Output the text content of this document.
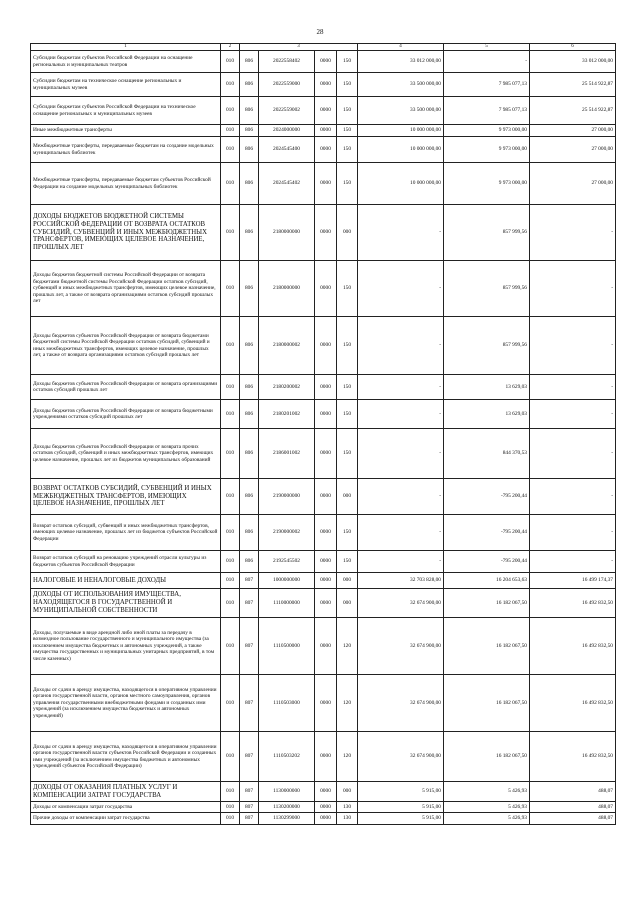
28
1	2	3				4	5	6
Субсидии бюджетам субъектов Российской Федерации на оснащение региональных и муниципальных театров	010	806	2022558402	0000	150	33 012 000,00	-	33 012 000,00
Субсидии бюджетам на техническое оснащение региональных и муниципальных музеев	010	806	2022559000	0000	150	33 500 000,00	7 985 077,13	25 514 922,87
Субсидии бюджетам субъектов Российской Федерации на техническое оснащение региональных и муниципальных музеев	010	806	2022559002	0000	150	33 500 000,00	7 985 077,13	25 514 922,87
Иные межбюджетные трансферты	010	806	2024000000	0000	150	10 000 000,00	9 973 000,00	27 000,00
Межбюджетные трансферты, передаваемые бюджетам на создание модельных муниципальных библиотек	010	806	2024545400	0000	150	10 000 000,00	9 973 000,00	27 000,00
Межбюджетные трансферты, передаваемые бюджетам субъектов Российской Федерации на создание модельных муниципальных библиотек	010	806	2024545402	0000	150	10 000 000,00	9 973 000,00	27 000,00
ДОХОДЫ БЮДЖЕТОВ БЮДЖЕТНОЙ СИСТЕМЫ РОССИЙСКОЙ ФЕДЕРАЦИИ ОТ ВОЗВРАТА ОСТАТКОВ СУБСИДИЙ, СУБВЕНЦИЙ И ИНЫХ МЕЖБЮДЖЕТНЫХ ТРАНСФЕРТОВ, ИМЕЮЩИХ ЦЕЛЕВОЕ НАЗНАЧЕНИЕ, ПРОШЛЫХ ЛЕТ	010	806	2180000000	0000	000	-	857 999,56	-
Доходы бюджетов бюджетной системы Российской Федерации от возврата бюджетами бюджетной системы Российской Федерации остатков субсидий, субвенций и иных межбюджетных трансфертов, имеющих целевое назначение, прошлых лет, а также от возврата организациями остатков субсидий прошлых лет	010	806	2180000000	0000	150	-	857 999,56	-
Доходы бюджетов субъектов Российской Федерации от возврата бюджетами бюджетной системы Российской Федерации остатков субсидий, субвенций и иных межбюджетных трансфертов, имеющих целевое назначение, прошлых лет, а также от возврата организациями остатков субсидий прошлых лет	010	806	2180000002	0000	150	-	857 999,56	-
Доходы бюджетов субъектов Российской Федерации от возврата организациями остатков субсидий прошлых лет	010	806	2180200002	0000	150	-	13 629,03	-
Доходы бюджетов субъектов Российской Федерации от возврата бюджетными учреждениями остатков субсидий прошлых лет	010	806	2180201002	0000	150	-	13 629,03	-
Доходы бюджетов субъектов Российской Федерации от возврата прочих остатков субсидий, субвенций и иных межбюджетных трансфертов, имеющих целевое назначение, прошлых лет из бюджетов муниципальных образований	010	806	2186001002	0000	150	-	844 370,53	-
ВОЗВРАТ ОСТАТКОВ СУБСИДИЙ, СУБВЕНЦИЙ И ИНЫХ МЕЖБЮДЖЕТНЫХ ТРАНСФЕРТОВ, ИМЕЮЩИХ ЦЕЛЕВОЕ НАЗНАЧЕНИЕ, ПРОШЛЫХ ЛЕТ	010	806	2190000000	0000	000	-	-795 200,44	-
Возврат остатков субсидий, субвенций и иных межбюджетных трансфертов, имеющих целевое назначение, прошлых лет из бюджетов субъектов Российской Федерации	010	806	2190000002	0000	150	-	-795 200,44	-
Возврат остатков субсидий на реновацию учреждений отрасли культуры из бюджетов субъектов Российской Федерации	010	806	2192545502	0000	150	-	-795 200,44	-
НАЛОГОВЫЕ И НЕНАЛОГОВЫЕ ДОХОДЫ	010	807	1000000000	0000	000	32 703 828,00	16 204 653,63	16 499 174,37
ДОХОДЫ ОТ ИСПОЛЬЗОВАНИЯ ИМУЩЕСТВА, НАХОДЯЩЕГОСЯ В ГОСУДАРСТВЕННОЙ И МУНИЦИПАЛЬНОЙ СОБСТВЕННОСТИ	010	807	1110000000	0000	000	32 674 900,00	16 182 067,50	16 492 832,50
Доходы, получаемые в виде арендной либо иной платы за передачу в возмездное пользование государственного и муниципального имущества (за исключением имущества бюджетных и автономных учреждений, а также имущества государственных и муниципальных унитарных предприятий, в том числе казенных)	010	807	1110500000	0000	120	32 674 900,00	16 182 067,50	16 492 832,50
Доходы от сдачи в аренду имущества, находящегося в оперативном управлении органов государственной власти, органов местного самоуправления, органов управления государственными внебюджетными фондами и созданных ими учреждений (за исключением имущества бюджетных и автономных учреждений)	010	807	1110503000	0000	120	32 674 900,00	16 182 067,50	16 492 832,50
Доходы от сдачи в аренду имущества, находящегося в оперативном управлении органов государственной власти субъектов Российской Федерации и созданных ими учреждений (за исключением имущества бюджетных и автономных учреждений субъектов Российской Федерации)	010	807	1110503202	0000	120	32 674 900,00	16 182 067,50	16 492 832,50
ДОХОДЫ ОТ ОКАЗАНИЯ ПЛАТНЫХ УСЛУГ И КОМПЕНСАЦИИ ЗАТРАТ ГОСУДАРСТВА	010	807	1130000000	0000	000	5 915,00	5 426,93	488,07
Доходы от компенсации затрат государства	010	807	1130200000	0000	130	5 915,00	5 426,93	488,07
Прочие доходы от компенсации затрат государства	010	807	1130299000	0000	130	5 915,00	5 426,93	488,07
